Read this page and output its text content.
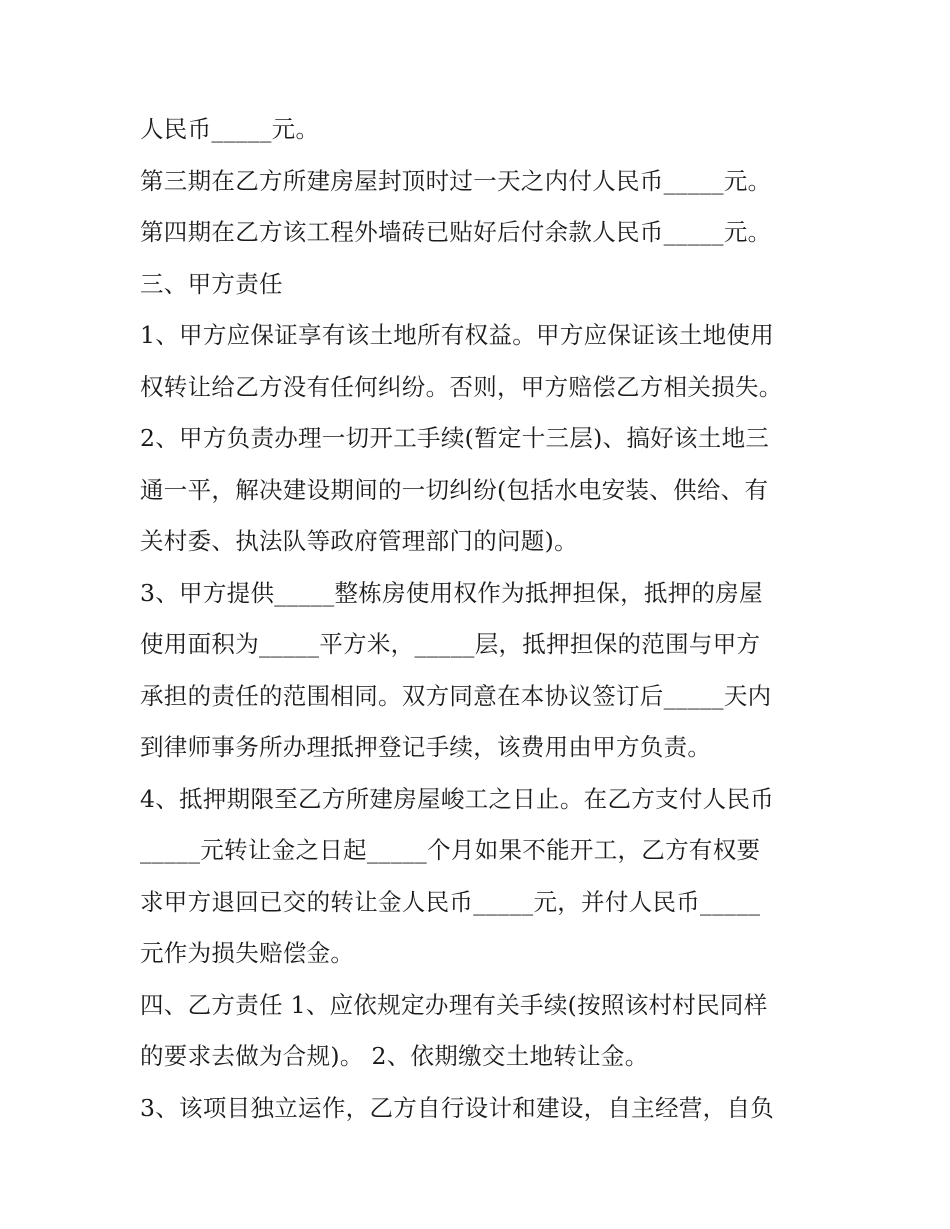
人民币_____元。
第三期在乙方所建房屋封顶时过一天之内付人民币_____元。
第四期在乙方该工程外墙砖已贴好后付余款人民币_____元。
三、甲方责任
1、甲方应保证享有该土地所有权益。甲方应保证该土地使用
权转让给乙方没有任何纠纷。否则，甲方赔偿乙方相关损失。
2、甲方负责办理一切开工手续(暂定十三层)、搞好该土地三
通一平，解决建设期间的一切纠纷(包括水电安装、供给、有
关村委、执法队等政府管理部门的问题)。
3、甲方提供_____整栋房使用权作为抵押担保，抵押的房屋
使用面积为_____平方米，_____层，抵押担保的范围与甲方
承担的责任的范围相同。双方同意在本协议签订后_____天内
到律师事务所办理抵押登记手续，该费用由甲方负责。
4、抵押期限至乙方所建房屋峻工之日止。在乙方支付人民币
_____元转让金之日起_____个月如果不能开工，乙方有权要
求甲方退回已交的转让金人民币_____元，并付人民币_____
元作为损失赔偿金。
四、乙方责任 1、应依规定办理有关手续(按照该村村民同样
的要求去做为合规)。 2、依期缴交土地转让金。
3、该项目独立运作，乙方自行设计和建设，自主经营，自负
